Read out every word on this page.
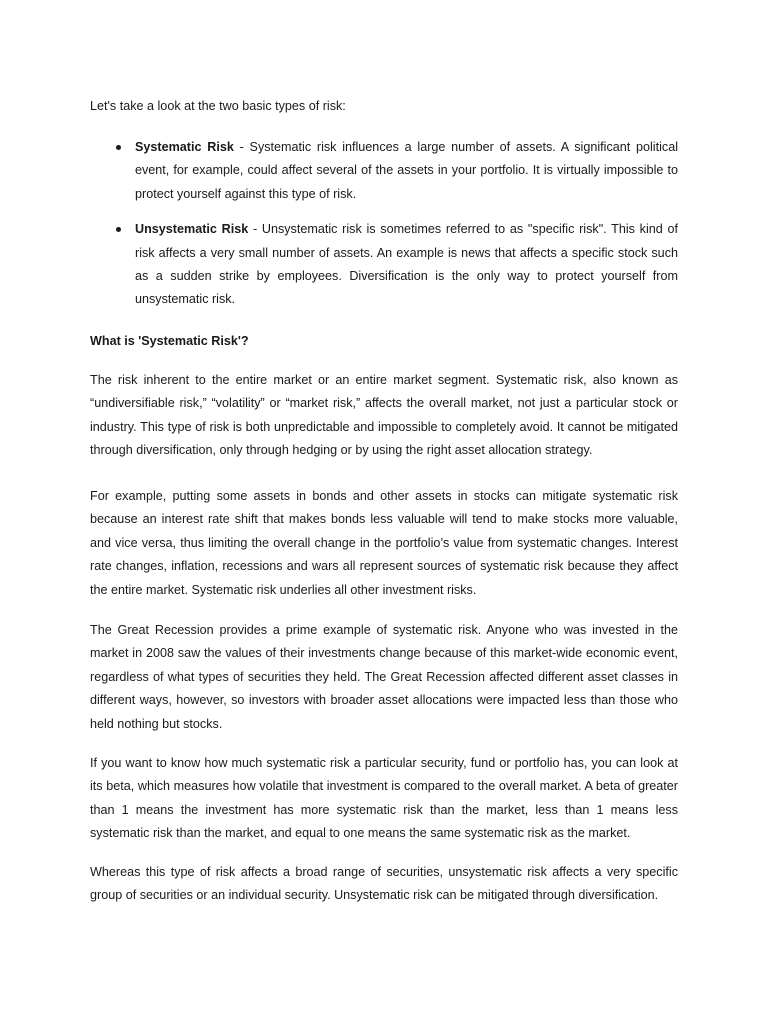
Let's take a look at the two basic types of risk:

Systematic Risk - Systematic risk influences a large number of assets. A significant political event, for example, could affect several of the assets in your portfolio. It is virtually impossible to protect yourself against this type of risk.
Unsystematic Risk - Unsystematic risk is sometimes referred to as "specific risk". This kind of risk affects a very small number of assets. An example is news that affects a specific stock such as a sudden strike by employees. Diversification is the only way to protect yourself from unsystematic risk.

What is 'Systematic Risk'?

The risk inherent to the entire market or an entire market segment. Systematic risk, also known as “undiversifiable risk,” “volatility” or “market risk,” affects the overall market, not just a particular stock or industry. This type of risk is both unpredictable and impossible to completely avoid. It cannot be mitigated through diversification, only through hedging or by using the right asset allocation strategy.

For example, putting some assets in bonds and other assets in stocks can mitigate systematic risk because an interest rate shift that makes bonds less valuable will tend to make stocks more valuable, and vice versa, thus limiting the overall change in the portfolio’s value from systematic changes. Interest rate changes, inflation, recessions and wars all represent sources of systematic risk because they affect the entire market. Systematic risk underlies all other investment risks.

The Great Recession provides a prime example of systematic risk. Anyone who was invested in the market in 2008 saw the values of their investments change because of this market-wide economic event, regardless of what types of securities they held. The Great Recession affected different asset classes in different ways, however, so investors with broader asset allocations were impacted less than those who held nothing but stocks.

If you want to know how much systematic risk a particular security, fund or portfolio has, you can look at its beta, which measures how volatile that investment is compared to the overall market. A beta of greater than 1 means the investment has more systematic risk than the market, less than 1 means less systematic risk than the market, and equal to one means the same systematic risk as the market.

Whereas this type of risk affects a broad range of securities, unsystematic risk affects a very specific group of securities or an individual security. Unsystematic risk can be mitigated through diversification.
